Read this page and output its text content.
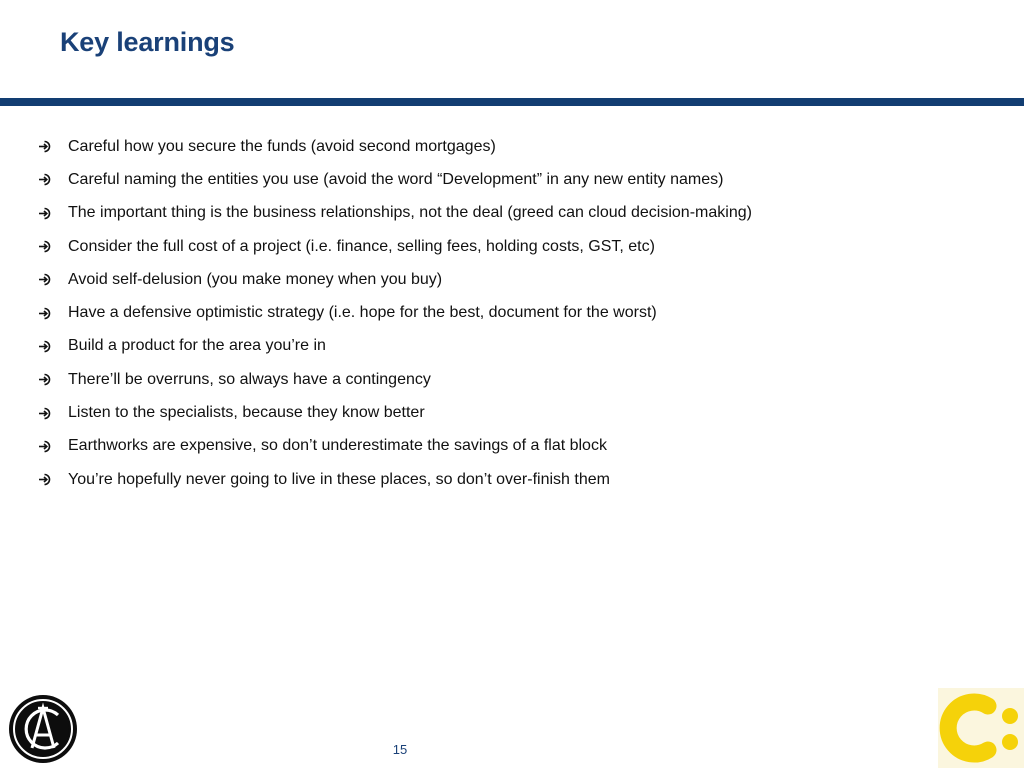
Key learnings
Careful how you secure the funds (avoid second mortgages)
Careful naming the entities you use (avoid the word “Development” in any new entity names)
The important thing is the business relationships, not the deal (greed can cloud decision-making)
Consider the full cost of a project (i.e. finance, selling fees, holding costs, GST, etc)
Avoid self-delusion (you make money when you buy)
Have a defensive optimistic strategy (i.e. hope for the best, document for the worst)
Build a product for the area you’re in
There’ll be overruns, so always have a contingency
Listen to the specialists, because they know better
Earthworks are expensive, so don’t underestimate the savings of a flat block
You’re hopefully never going to live in these places, so don’t over-finish them
15
